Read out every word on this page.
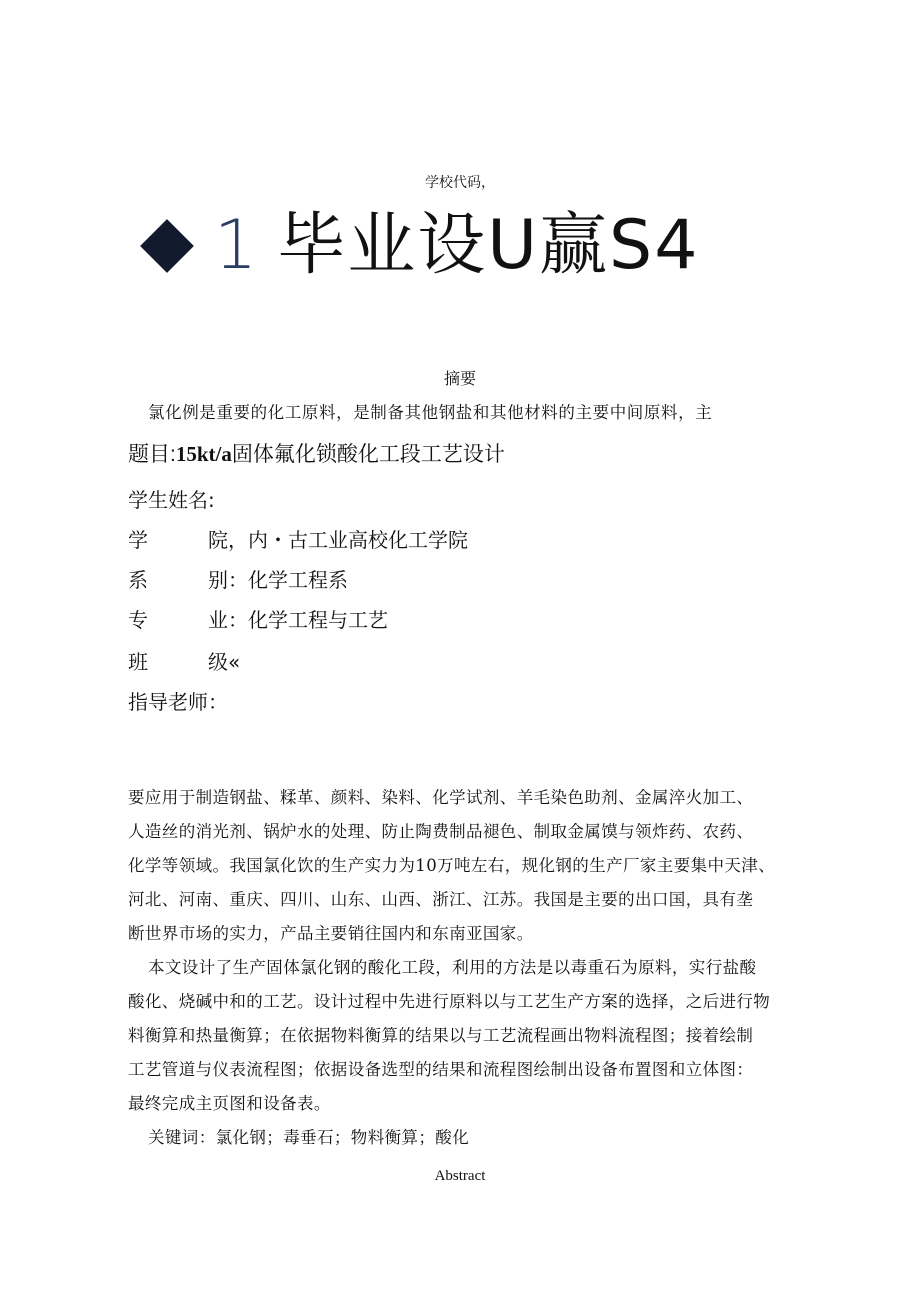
学校代码，
1 毕业设U赢S4
摘要
氯化例是重要的化工原料，是制备其他钢盐和其他材料的主要中间原料，主
题目:15kt/a固体氟化锁酸化工段工艺设计
学生姓名:
学	院，内・古工业高校化工学院
系	别：化学工程系
专	业：化学工程与工艺
班	级«
指导老师：
要应用于制造钢盐、糅革、颜料、染料、化学试剂、羊毛染色助剂、金属淬火加工、
人造丝的消光剂、锅炉水的处理、防止陶费制品褪色、制取金属馍与领炸药、农药、
化学等领域。我国氯化饮的生产实力为10万吨左右，规化钢的生产厂家主要集中天津、
河北、河南、重庆、四川、山东、山西、浙江、江苏。我国是主要的出口国，具有垄
断世界市场的实力，产品主要销往国内和东南亚国家。
本文设计了生产固体氯化钢的酸化工段，利用的方法是以毒重石为原料，实行盐酸
酸化、烧碱中和的工艺。设计过程中先进行原料以与工艺生产方案的选择，之后进行物
料衡算和热量衡算；在依据物料衡算的结果以与工艺流程画出物料流程图；接着绘制
工艺管道与仪表流程图；依据设备选型的结果和流程图绘制出设备布置图和立体图：
最终完成主页图和设备表。
关键词：氯化钢；毒垂石；物料衡算；酸化
Abstract
